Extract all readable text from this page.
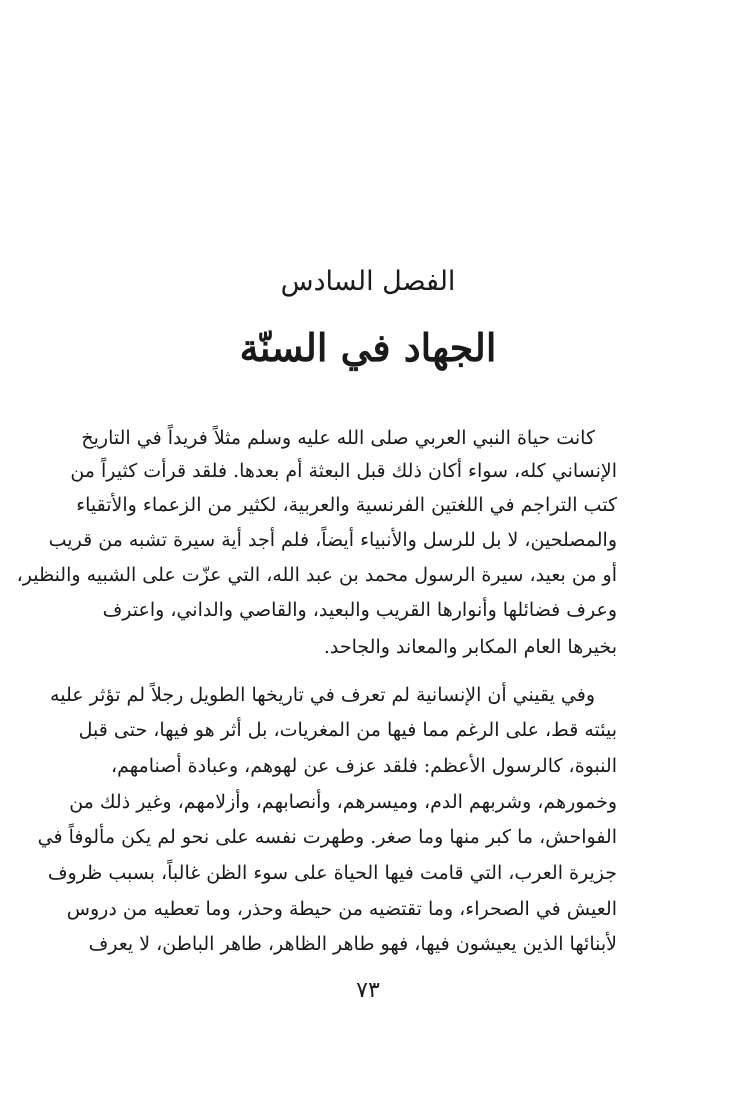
الفصل السادس
الجهاد في السنّة
كانت حياة النبي العربي صلى الله عليه وسلم مثلاً فريداً في التاريخ
الإنساني كله، سواء أكان ذلك قبل البعثة أم بعدها. فلقد قرأت كثيراً من
كتب التراجم في اللغتين الفرنسية والعربية، لكثير من الزعماء والأتقياء
والمصلحين، لا بل للرسل والأنبياء أيضاً، فلم أجد أية سيرة تشبه من قريب
أو من بعيد، سيرة الرسول محمد بن عبد الله، التي عزّت على الشبيه والنظير،
وعرف فضائلها وأنوارها القريب والبعيد، والقاصي والداني، واعترف
بخيرها العام المكابر والمعاند والجاحد.
وفي يقيني أن الإنسانية لم تعرف في تاريخها الطويل رجلاً لم تؤثر عليه
بيئته قط، على الرغم مما فيها من المغريات، بل أثر هو فيها، حتى قبل
النبوة، كالرسول الأعظم: فلقد عزف عن لهوهم، وعبادة أصنامهم،
وخمورهم، وشربهم الدم، وميسرهم، وأنصابهم، وأزلامهم، وغير ذلك من
الفواحش، ما كبر منها وما صغر. وطهرت نفسه على نحو لم يكن مألوفاً في
جزيرة العرب، التي قامت فيها الحياة على سوء الظن غالباً، بسبب ظروف
العيش في الصحراء، وما تقتضيه من حيطة وحذر، وما تعطيه من دروس
لأبنائها الذين يعيشون فيها، فهو طاهر الظاهر، طاهر الباطن، لا يعرف
٧٣
